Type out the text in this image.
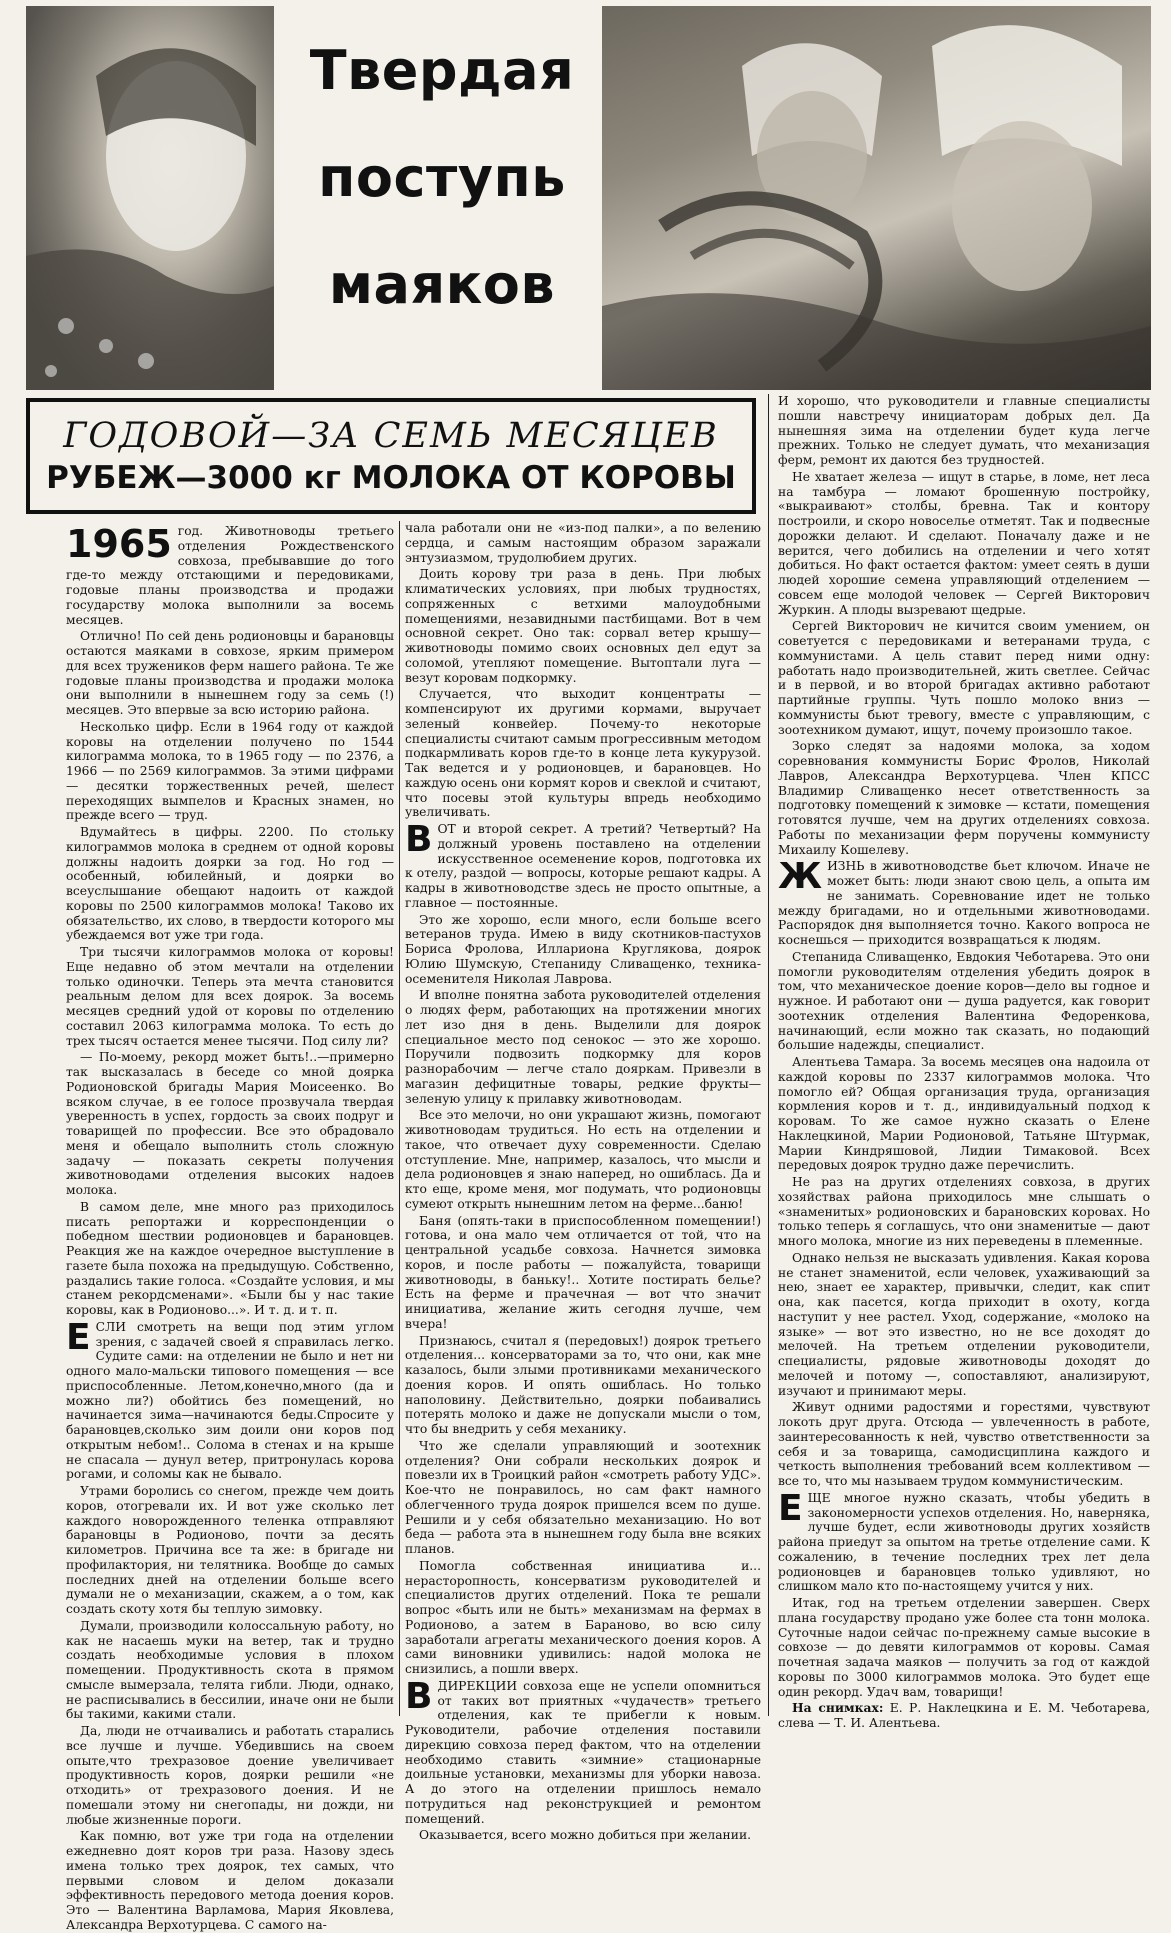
Твердая
поступь
маяков
ГОДОВОЙ—ЗА СЕМЬ МЕСЯЦЕВ
РУБЕЖ—3000 кг МОЛОКА ОТ КОРОВЫ

1965 год. Животноводы третьего отделения Рождественского совхоза, пребывавшие до того где-то между отстающими и передовиками, годовые планы производства и продажи государству молока выполнили за восемь месяцев.

Отлично! По сей день родионовцы и барановцы остаются маяками в совхозе, ярким примером для всех тружеников ферм нашего района. Те же годовые планы производства и продажи молока они выполнили в нынешнем году за семь (!) месяцев. Это впервые за всю историю района.

Несколько цифр. Если в 1964 году от каждой коровы на отделении получено по 1544 килограмма молока, то в 1965 году — по 2376, а 1966 — по 2569 килограммов. За этими цифрами — десятки торжественных речей, шелест переходящих вымпелов и Красных знамен, но прежде всего — труд.

Вдумайтесь в цифры. 2200. По стольку килограммов молока в среднем от одной коровы должны надоить доярки за год. Но год — особенный, юбилейный, и доярки во всеуслышание обещают надоить от каждой коровы по 2500 килограммов молока! Таково их обязательство, их слово, в твердости которого мы убеждаемся вот уже три года.

Три тысячи килограммов молока от коровы! Еще недавно об этом мечтали на отделении только одиночки. Теперь эта мечта становится реальным делом для всех доярок. За восемь месяцев средний удой от коровы по отделению составил 2063 килограмма молока. То есть до трех тысяч остается менее тысячи. Под силу ли?

— По-моему, рекорд может быть!..—примерно так высказалась в беседе со мной доярка Родионовской бригады Мария Моисеенко. Во всяком случае, в ее голосе прозвучала твердая уверенность в успех, гордость за своих подруг и товарищей по профессии. Все это обрадовало меня и обещало выполнить столь сложную задачу — показать секреты получения животноводами отделения высоких надоев молока.

В самом деле, мне много раз приходилось писать репортажи и корреспонденции о победном шествии родионовцев и барановцев. Реакция же на каждое очередное выступление в газете была похожа на предыдущую. Собственно, раздались такие голоса. «Создайте условия, и мы станем рекордсменами». «Были бы у нас такие коровы, как в Родионово...». И т. д. и т. п.

Е СЛИ смотреть на вещи под этим углом зрения, с задачей своей я справилась легко. Судите сами: на отделении не было и нет ни одного мало-мальски типового помещения — все приспособленные. Летом,конечно,много (да и можно ли?) обойтись без помещений, но начинается зима—начинаются беды.Спросите у барановцев,сколько зим доили они коров под открытым небом!.. Солома в стенах и на крыше не спасала — дунул ветер, притронулась корова рогами, и соломы как не бывало.

Утрами боролись со снегом, прежде чем доить коров, отогревали их. И вот уже сколько лет каждого новорожденного теленка отправляют барановцы в Родионово, почти за десять километров. Причина все та же: в бригаде ни профилактория, ни телятника. Вообще до самых последних дней на отделении больше всего думали не о механизации, скажем, а о том, как создать скоту хотя бы теплую зимовку.

Думали, производили колоссальную работу, но как не насаешь муки на ветер, так и трудно создать необходимые условия в плохом помещении. Продуктивность скота в прямом смысле вымерзала, телята гибли. Люди, однако, не расписывались в бессилии, иначе они не были бы такими, какими стали.

Да, люди не отчаивались и работать старались все лучше и лучше. Убедившись на своем опыте,что трехразовое доение увеличивает продуктивность коров, доярки решили «не отходить» от трехразового доения. И не помешали этому ни снегопады, ни дожди, ни любые жизненные пороги.

Как помню, вот уже три года на отделении ежедневно доят коров три раза. Назову здесь имена только трех доярок, тех самых, что первыми словом и делом доказали эффективность передового метода доения коров. Это — Валентина Варламова, Мария Яковлева, Александра Верхотурцева. С самого на-

чала работали они не «из-под палки», а по велению сердца, и самым настоящим образом заражали энтузиазмом, трудолюбием других.

Доить корову три раза в день. При любых климатических условиях, при любых трудностях, сопряженных с ветхими малоудобными помещениями, незавидными пастбищами. Вот в чем основной секрет. Оно так: сорвал ветер крышу—животноводы помимо своих основных дел едут за соломой, утепляют помещение. Вытоптали луга — везут коровам подкормку.

Случается, что выходит концентраты — компенсируют их другими кормами, выручает зеленый конвейер. Почему-то некоторые специалисты считают самым прогрессивным методом подкармливать коров где-то в конце лета кукурузой. Так ведется и у родионовцев, и барановцев. Но каждую осень они кормят коров и свеклой и считают, что посевы этой культуры впредь необходимо увеличивать.

В ОТ и второй секрет. А третий? Четвертый? На должный уровень поставлено на отделении искусственное осеменение коров, подготовка их к отелу, раздой — вопросы, которые решают кадры. А кадры в животноводстве здесь не просто опытные, а главное — постоянные.

Это же хорошо, если много, если больше всего ветеранов труда. Имею в виду скотников-пастухов Бориса Фролова, Иллариона Круглякова, доярок Юлию Шумскую, Степаниду Сливащенко, техника-осеменителя Николая Лаврова.

И вполне понятна забота руководителей отделения о людях ферм, работающих на протяжении многих лет изо дня в день. Выделили для доярок специальное место под сенокос — это же хорошо. Поручили подвозить подкормку для коров разнорабочим — легче стало дояркам. Привезли в магазин дефицитные товары, редкие фрукты—зеленую улицу к прилавку животноводам.

Все это мелочи, но они украшают жизнь, помогают животноводам трудиться. Но есть на отделении и такое, что отвечает духу современности. Сделаю отступление. Мне, например, казалось, что мысли и дела родионовцев я знаю наперед, но ошиблась. Да и кто еще, кроме меня, мог подумать, что родионовцы сумеют открыть нынешним летом на ферме...баню!

Баня (опять-таки в приспособленном помещении!) готова, и она мало чем отличается от той, что на центральной усадьбе совхоза. Начнется зимовка коров, и после работы — пожалуйста, товарищи животноводы, в баньку!.. Хотите постирать белье? Есть на ферме и прачечная — вот что значит инициатива, желание жить сегодня лучше, чем вчера!

Признаюсь, считал я (передовых!) доярок третьего отделения... консерваторами за то, что они, как мне казалось, были злыми противниками механического доения коров. И опять ошиблась. Но только наполовину. Действительно, доярки побаивались потерять молоко и даже не допускали мысли о том, что бы внедрить у себя механику.

Что же сделали управляющий и зоотехник отделения? Они собрали нескольких доярок и повезли их в Троицкий район «смотреть работу УДС». Кое-что не понравилось, но сам факт намного облегченного труда доярок пришелся всем по душе. Решили и у себя обязательно механизацию. Но вот беда — работа эта в нынешнем году была вне всяких планов.

Помогла собственная инициатива и... нерасторопность, консерватизм руководителей и специалистов других отделений. Пока те решали вопрос «быть или не быть» механизмам на фермах в Родионово, а затем в Бараново, во всю силу заработали агрегаты механического доения коров. А сами виновники удивились: надой молока не снизились, а пошли вверх.

В ДИРЕКЦИИ совхоза еще не успели опомниться от таких вот приятных «чудачеств» третьего отделения, как те прибегли к новым. Руководители, рабочие отделения поставили дирекцию совхоза перед фактом, что на отделении необходимо ставить «зимние» стационарные доильные установки, механизмы для уборки навоза. А до этого на отделении пришлось немало потрудиться над реконструкцией и ремонтом помещений.

Оказывается, всего можно добиться при желании.

И хорошо, что руководители и главные специалисты пошли навстречу инициаторам добрых дел. Да нынешняя зима на отделении будет куда легче прежних. Только не следует думать, что механизация ферм, ремонт их даются без трудностей.

Не хватает железа — ищут в старье, в ломе, нет леса на тамбура — ломают брошенную постройку, «выкраивают» столбы, бревна. Так и контору построили, и скоро новоселье отметят. Так и подвесные дорожки делают. И сделают. Поначалу даже и не верится, чего добились на отделении и чего хотят добиться. Но факт остается фактом: умеет сеять в души людей хорошие семена управляющий отделением — совсем еще молодой человек — Сергей Викторович Журкин. А плоды вызревают щедрые.

Сергей Викторович не кичится своим умением, он советуется с передовиками и ветеранами труда, с коммунистами. А цель ставит перед ними одну: работать надо производительней, жить светлее. Сейчас и в первой, и во второй бригадах активно работают партийные группы. Чуть пошло молоко вниз — коммунисты бьют тревогу, вместе с управляющим, с зоотехником думают, ищут, почему произошло такое.

Зорко следят за надоями молока, за ходом соревнования коммунисты Борис Фролов, Николай Лавров, Александра Верхотурцева. Член КПСС Владимир Сливащенко несет ответственность за подготовку помещений к зимовке — кстати, помещения готовятся лучше, чем на других отделениях совхоза. Работы по механизации ферм поручены коммунисту Михаилу Кошелеву.

Ж ИЗНЬ в животноводстве бьет ключом. Иначе не может быть: люди знают свою цель, а опыта им не занимать. Соревнование идет не только между бригадами, но и отдельными животноводами. Распорядок дня выполняется точно. Какого вопроса не коснешься — приходится возвращаться к людям.

Степанида Сливащенко, Евдокия Чеботарева. Это они помогли руководителям отделения убедить доярок в том, что механическое доение коров—дело вы годное и нужное. И работают они — душа радуется, как говорит зоотехник отделения Валентина Федоренкова, начинающий, если можно так сказать, но подающий большие надежды, специалист.

Алентьева Тамара. За восемь месяцев она надоила от каждой коровы по 2337 килограммов молока. Что помогло ей? Общая организация труда, организация кормления коров и т. д., индивидуальный подход к коровам. То же самое нужно сказать о Елене Наклецкиной, Марии Родионовой, Татьяне Штурмак, Марии Киндряшовой, Лидии Тимаковой. Всех передовых доярок трудно даже перечислить.

Не раз на других отделениях совхоза, в других хозяйствах района приходилось мне слышать о «знаменитых» родионовских и барановских коровах. Но только теперь я соглашусь, что они знаменитые — дают много молока, многие из них переведены в племенные.

Однако нельзя не высказать удивления. Какая корова не станет знаменитой, если человек, ухаживающий за нею, знает ее характер, привычки, следит, как спит она, как пасется, когда приходит в охоту, когда наступит у нее растел. Уход, содержание, «молоко на языке» — вот это известно, но не все доходят до мелочей. На третьем отделении руководители, специалисты, рядовые животноводы доходят до мелочей и потому —, сопоставляют, анализируют, изучают и принимают меры.

Живут одними радостями и горестями, чувствуют локоть друг друга. Отсюда — увлеченность в работе, заинтересованность к ней, чувство ответственности за себя и за товарища, самодисциплина каждого и четкость выполнения требований всем коллективом — все то, что мы называем трудом коммунистическим.

Е ЩЕ многое нужно сказать, чтобы убедить в закономерности успехов отделения. Но, наверняка, лучше будет, если животноводы других хозяйств района приедут за опытом на третье отделение сами. К сожалению, в течение последних трех лет дела родионовцев и барановцев только удивляют, но слишком мало кто по-настоящему учится у них.

Итак, год на третьем отделении завершен. Сверх плана государству продано уже более ста тонн молока. Суточные надои сейчас по-прежнему самые высокие в совхозе — до девяти килограммов от коровы. Самая почетная задача маяков — получить за год от каждой коровы по 3000 килограммов молока. Это будет еще один рекорд. Удач вам, товарищи!

На снимках: Е. Р. Наклецкина и Е. М. Чеботарева, слева — Т. И. Алентьева.
